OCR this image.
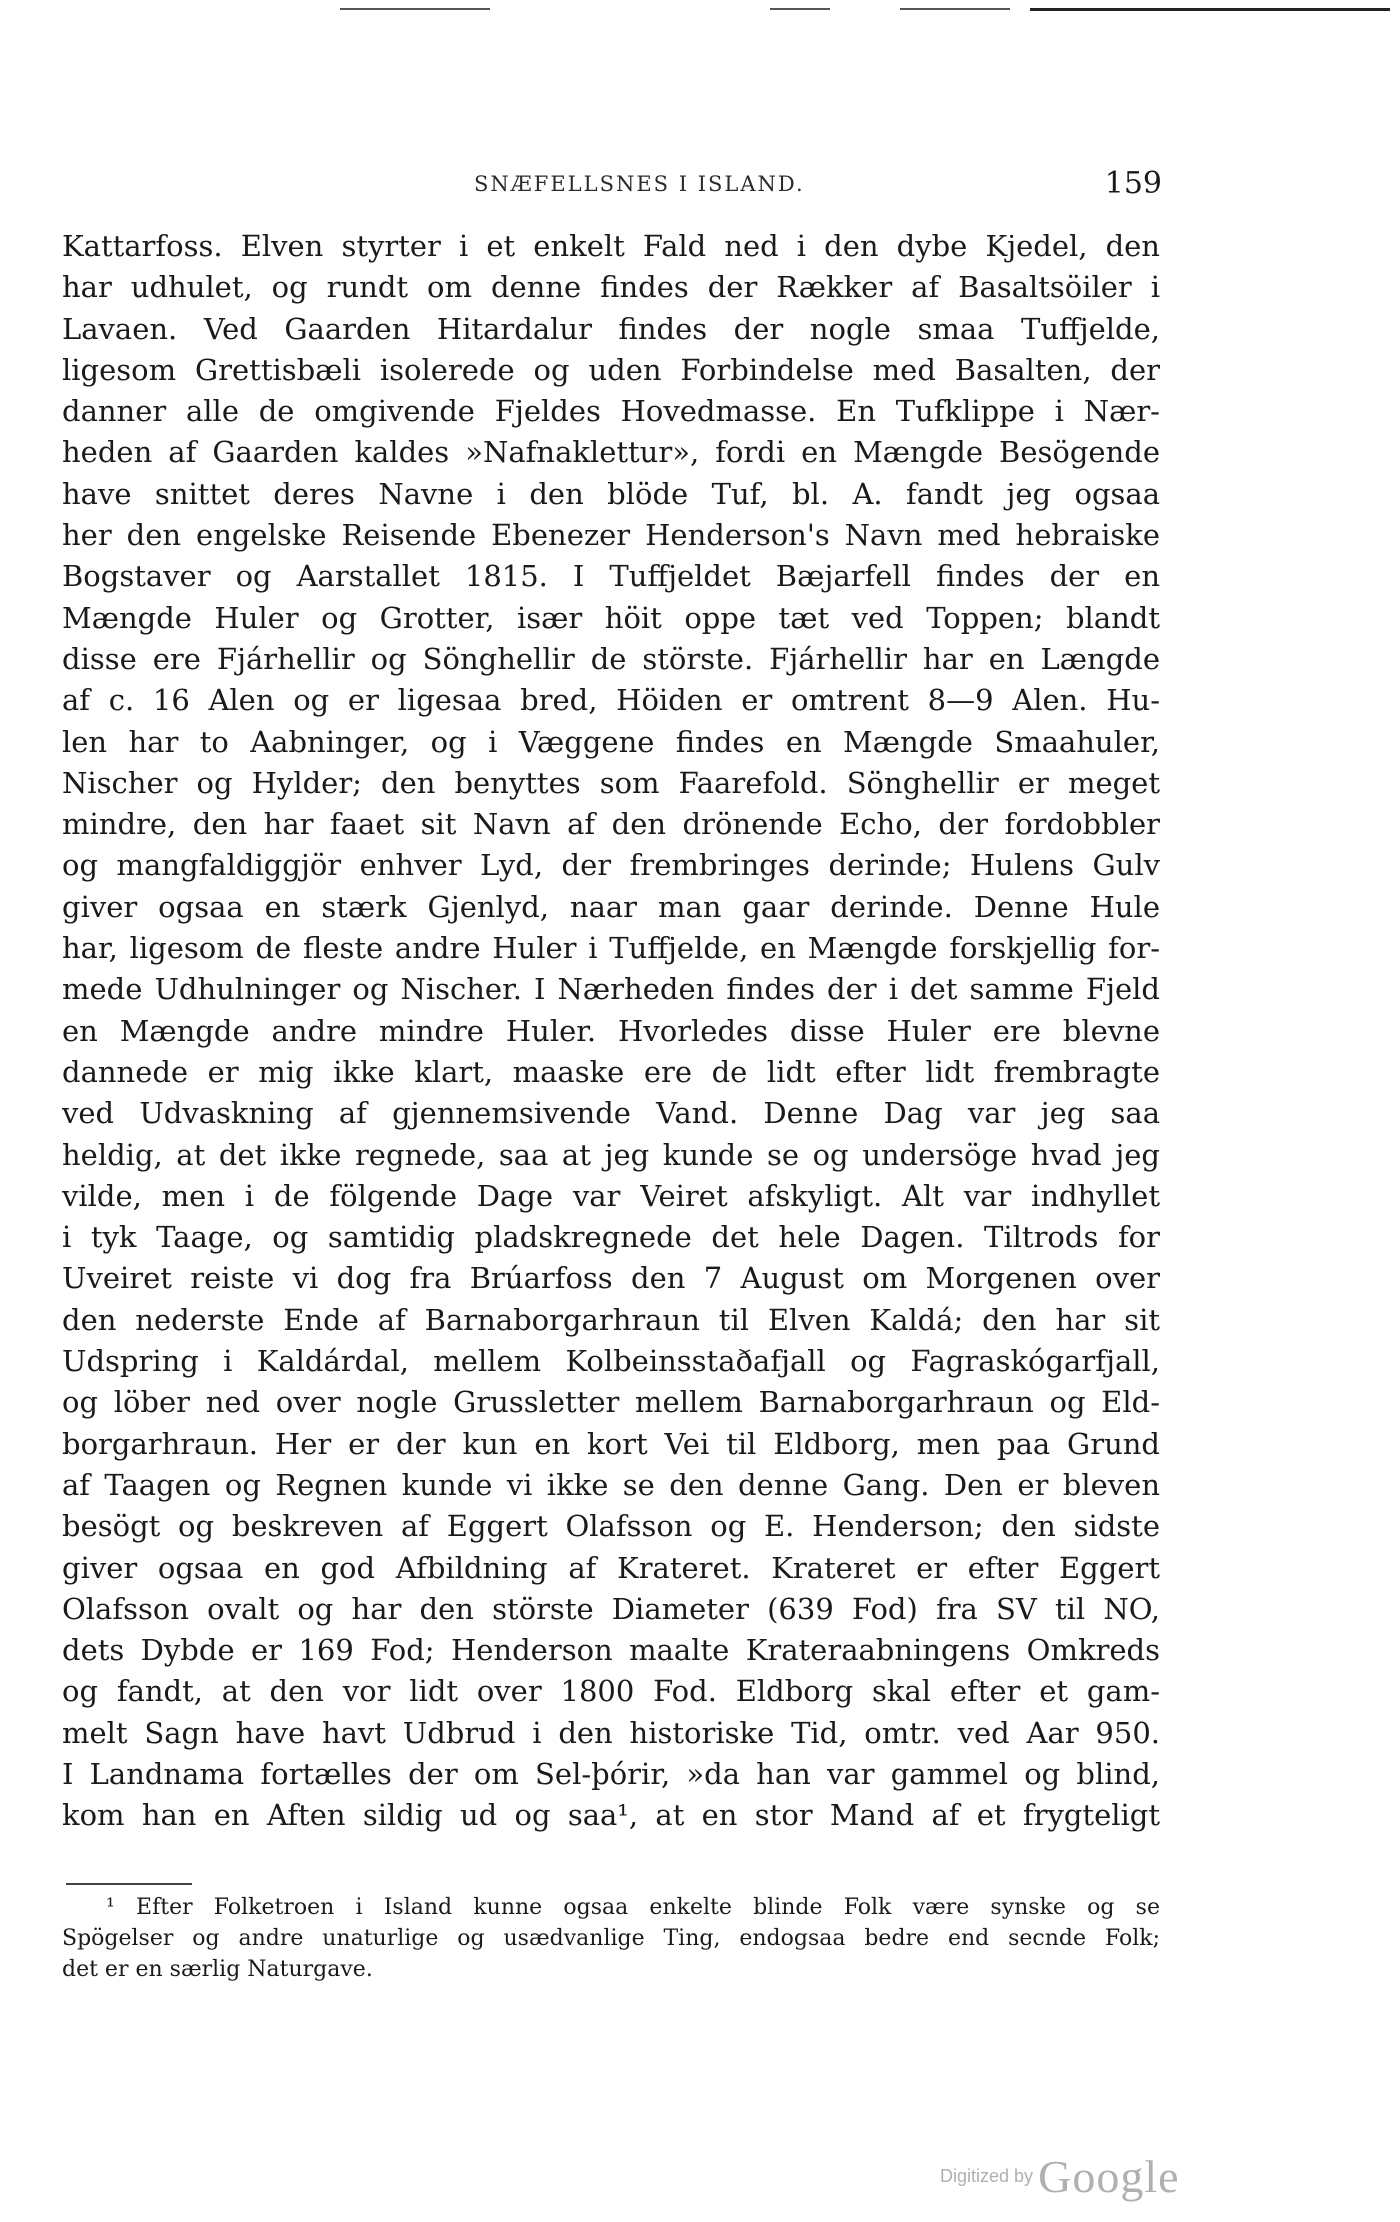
SNÆFELLSNES I ISLAND.	159
Kattarfoss. Elven styrter i et enkelt Fald ned i den dybe Kjedel, den
har udhulet, og rundt om denne findes der Rækker af Basaltsöiler i
Lavaen. Ved Gaarden Hitardalur findes der nogle smaa Tuffjelde,
ligesom Grettisbæli isolerede og uden Forbindelse med Basalten, der
danner alle de omgivende Fjeldes Hovedmasse. En Tufklippe i Nær-
heden af Gaarden kaldes »Nafnaklettur», fordi en Mængde Besögende
have snittet deres Navne i den blöde Tuf, bl. A. fandt jeg ogsaa
her den engelske Reisende Ebenezer Henderson's Navn med hebraiske
Bogstaver og Aarstallet 1815. I Tuffjeldet Bæjarfell findes der en
Mængde Huler og Grotter, især höit oppe tæt ved Toppen; blandt
disse ere Fjárhellir og Sönghellir de störste. Fjárhellir har en Længde
af c. 16 Alen og er ligesaa bred, Höiden er omtrent 8—9 Alen. Hu-
len har to Aabninger, og i Væggene findes en Mængde Smaahuler,
Nischer og Hylder; den benyttes som Faarefold. Sönghellir er meget
mindre, den har faaet sit Navn af den drönende Echo, der fordobbler
og mangfaldiggjör enhver Lyd, der frembringes derinde; Hulens Gulv
giver ogsaa en stærk Gjenlyd, naar man gaar derinde. Denne Hule
har, ligesom de fleste andre Huler i Tuffjelde, en Mængde forskjellig for-
mede Udhulninger og Nischer. I Nærheden findes der i det samme Fjeld
en Mængde andre mindre Huler. Hvorledes disse Huler ere blevne
dannede er mig ikke klart, maaske ere de lidt efter lidt frembragte
ved Udvaskning af gjennemsivende Vand. Denne Dag var jeg saa
heldig, at det ikke regnede, saa at jeg kunde se og undersöge hvad jeg
vilde, men i de fölgende Dage var Veiret afskyligt. Alt var indhyllet
i tyk Taage, og samtidig pladskregnede det hele Dagen. Tiltrods for
Uveiret reiste vi dog fra Brúarfoss den 7 August om Morgenen over
den nederste Ende af Barnaborgarhraun til Elven Kaldá; den har sit
Udspring i Kaldárdal, mellem Kolbeinsstaðafjall og Fagraskógarfjall,
og löber ned over nogle Grussletter mellem Barnaborgarhraun og Eld-
borgarhraun. Her er der kun en kort Vei til Eldborg, men paa Grund
af Taagen og Regnen kunde vi ikke se den denne Gang. Den er bleven
besögt og beskreven af Eggert Olafsson og E. Henderson; den sidste
giver ogsaa en god Afbildning af Krateret. Krateret er efter Eggert
Olafsson ovalt og har den störste Diameter (639 Fod) fra SV til NO,
dets Dybde er 169 Fod; Henderson maalte Krateraabningens Omkreds
og fandt, at den vor lidt over 1800 Fod. Eldborg skal efter et gam-
melt Sagn have havt Udbrud i den historiske Tid, omtr. ved Aar 950.
I Landnama fortælles der om Sel-þórir, »da han var gammel og blind,
kom han en Aften sildig ud og saa¹, at en stor Mand af et frygteligt
¹ Efter Folketroen i Island kunne ogsaa enkelte blinde Folk være synske og se
Spögelser og andre unaturlige og usædvanlige Ting, endogsaa bedre end secnde Folk;
det er en særlig Naturgave.
Digitized by Google
